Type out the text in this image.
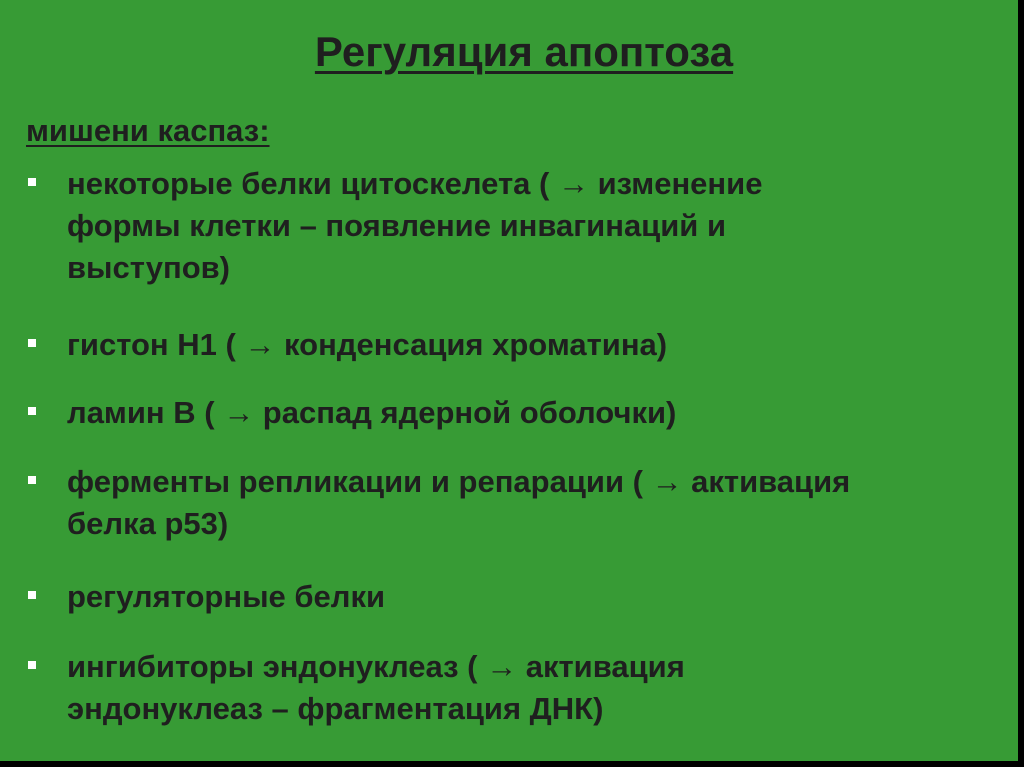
Регуляция апоптоза
мишени каспаз:
некоторые белки цитоскелета ( → изменение
формы клетки – появление инвагинаций и
выступов)
гистон Н1 ( → конденсация хроматина)
ламин В ( → распад ядерной оболочки)
ферменты репликации и репарации ( → активация
белка р53)
регуляторные белки
ингибиторы эндонуклеаз ( → активация
эндонуклеаз – фрагментация ДНК)
